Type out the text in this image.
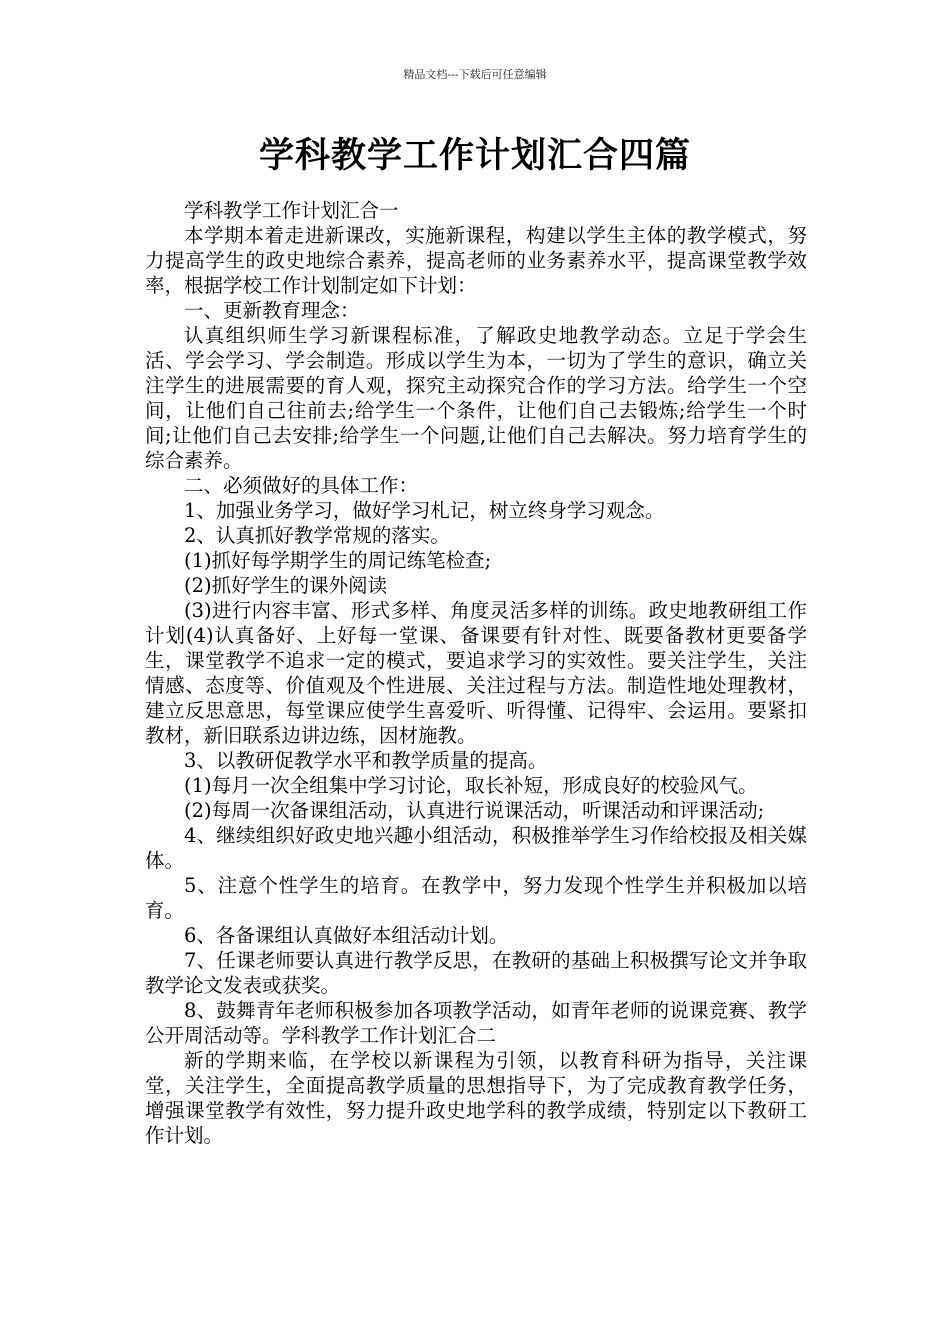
精品文档---下载后可任意编辑
学科教学工作计划汇合四篇

学科教学工作计划汇合一

本学期本着走进新课改，实施新课程，构建以学生主体的教学模式，努力提高学生的政史地综合素养，提高老师的业务素养水平，提高课堂教学效率，根据学校工作计划制定如下计划：

一、更新教育理念：

认真组织师生学习新课程标准，了解政史地教学动态。立足于学会生活、学会学习、学会制造。形成以学生为本，一切为了学生的意识，确立关注学生的进展需要的育人观，探究主动探究合作的学习方法。给学生一个空间，让他们自己往前去;给学生一个条件，让他们自己去锻炼;给学生一个时间;让他们自己去安排;给学生一个问题,让他们自己去解决。努力培育学生的综合素养。

二、必须做好的具体工作：

1、加强业务学习，做好学习札记，树立终身学习观念。

2、认真抓好教学常规的落实。

(1)抓好每学期学生的周记练笔检查;

(2)抓好学生的课外阅读

(3)进行内容丰富、形式多样、角度灵活多样的训练。政史地教研组工作计划(4)认真备好、上好每一堂课、备课要有针对性、既要备教材更要备学生，课堂教学不追求一定的模式，要追求学习的实效性。要关注学生，关注情感、态度等、价值观及个性进展、关注过程与方法。制造性地处理教材，建立反思意思，每堂课应使学生喜爱听、听得懂、记得牢、会运用。要紧扣教材，新旧联系边讲边练，因材施教。

3、以教研促教学水平和教学质量的提高。

(1)每月一次全组集中学习讨论，取长补短，形成良好的校验风气。

(2)每周一次备课组活动，认真进行说课活动，听课活动和评课活动;

4、继续组织好政史地兴趣小组活动，积极推举学生习作给校报及相关媒体。

5、注意个性学生的培育。在教学中，努力发现个性学生并积极加以培育。

6、各备课组认真做好本组活动计划。

7、任课老师要认真进行教学反思，在教研的基础上积极撰写论文并争取教学论文发表或获奖。

8、鼓舞青年老师积极参加各项教学活动，如青年老师的说课竞赛、教学公开周活动等。学科教学工作计划汇合二

新的学期来临，在学校以新课程为引领，以教育科研为指导，关注课堂，关注学生，全面提高教学质量的思想指导下，为了完成教育教学任务，增强课堂教学有效性，努力提升政史地学科的教学成绩，特别定以下教研工作计划。
